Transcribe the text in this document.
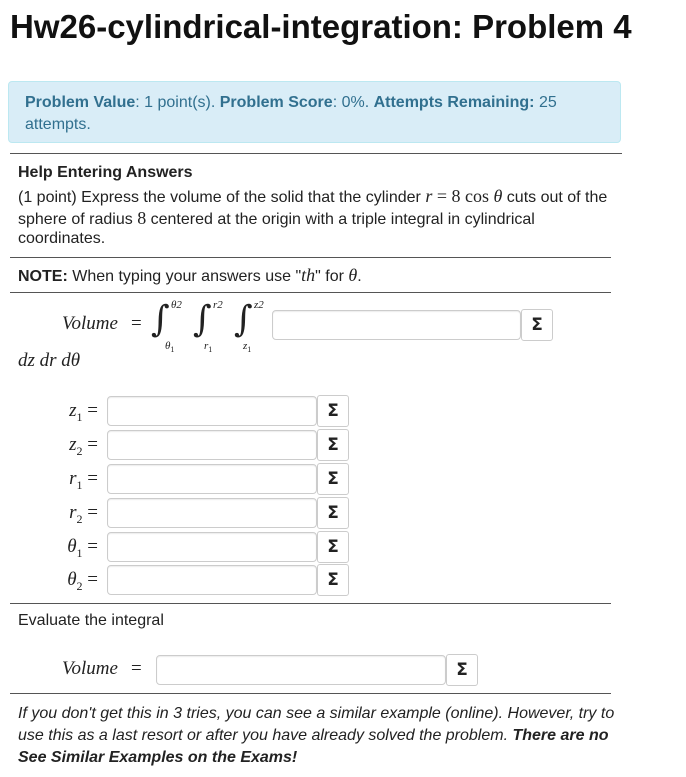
Hw26-cylindrical-integration: Problem 4
Problem Value: 1 point(s). Problem Score: 0%. Attempts Remaining: 25 attempts.
Help Entering Answers
(1 point) Express the volume of the solid that the cylinder r = 8 cos θ cuts out of the
sphere of radius 8 centered at the origin with a triple integral in cylindrical
coordinates.
NOTE: When typing your answers use "th" for θ.
Volume = ∫ θ2
$\theta_1$
∫ r2
$r_1$
∫ z2
$z_1$
Σ
dz dr dθ
$z_1$ =	Σ
$z_2$ =	Σ
$r_1$ =	Σ
$r_2$ =	Σ
$\theta_1$ =	Σ
$\theta_2$ =	Σ
Evaluate the integral
Volume =	Σ
If you don't get this in 3 tries, you can see a similar example (online). However, try to
use this as a last resort or after you have already solved the problem. There are no
See Similar Examples on the Exams!
